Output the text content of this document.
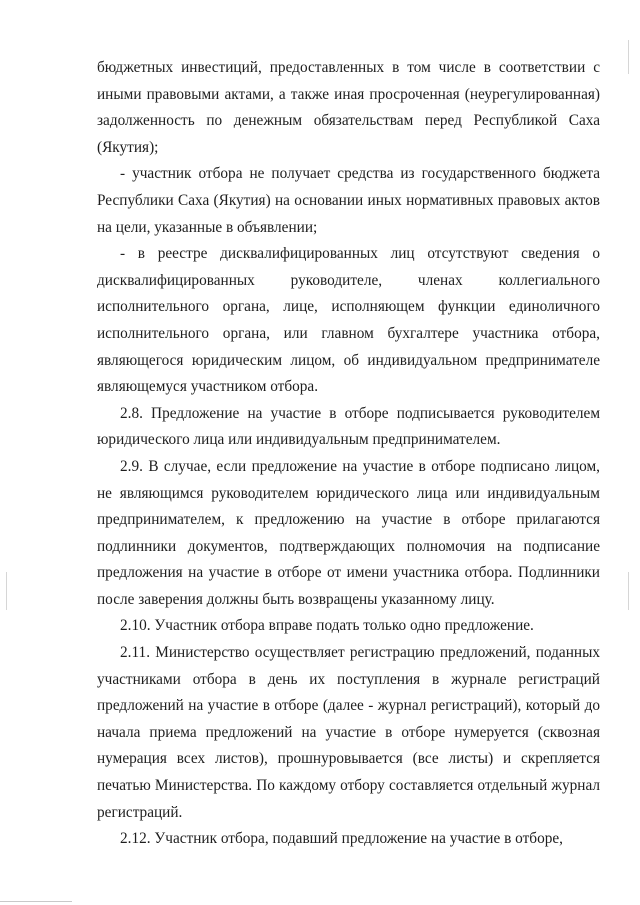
бюджетных инвестиций, предоставленных в том числе в соответствии с иными правовыми актами, а также иная просроченная (неурегулированная) задолженность по денежным обязательствам перед Республикой Саха (Якутия);

- участник отбора не получает средства из государственного бюджета Республики Саха (Якутия) на основании иных нормативных правовых актов на цели, указанные в объявлении;

- в реестре дисквалифицированных лиц отсутствуют сведения о дисквалифицированных руководителе, членах коллегиального исполнительного органа, лице, исполняющем функции единоличного исполнительного органа, или главном бухгалтере участника отбора, являющегося юридическим лицом, об индивидуальном предпринимателе являющемуся участником отбора.

2.8. Предложение на участие в отборе подписывается руководителем юридического лица или индивидуальным предпринимателем.

2.9. В случае, если предложение на участие в отборе подписано лицом, не являющимся руководителем юридического лица или индивидуальным предпринимателем, к предложению на участие в отборе прилагаются подлинники документов, подтверждающих полномочия на подписание предложения на участие в отборе от имени участника отбора. Подлинники после заверения должны быть возвращены указанному лицу.

2.10. Участник отбора вправе подать только одно предложение.

2.11. Министерство осуществляет регистрацию предложений, поданных участниками отбора в день их поступления в журнале регистраций предложений на участие в отборе (далее - журнал регистраций), который до начала приема предложений на участие в отборе нумеруется (сквозная нумерация всех листов), прошнуровывается (все листы) и скрепляется печатью Министерства. По каждому отбору составляется отдельный журнал регистраций.

2.12. Участник отбора, подавший предложение на участие в отборе,
